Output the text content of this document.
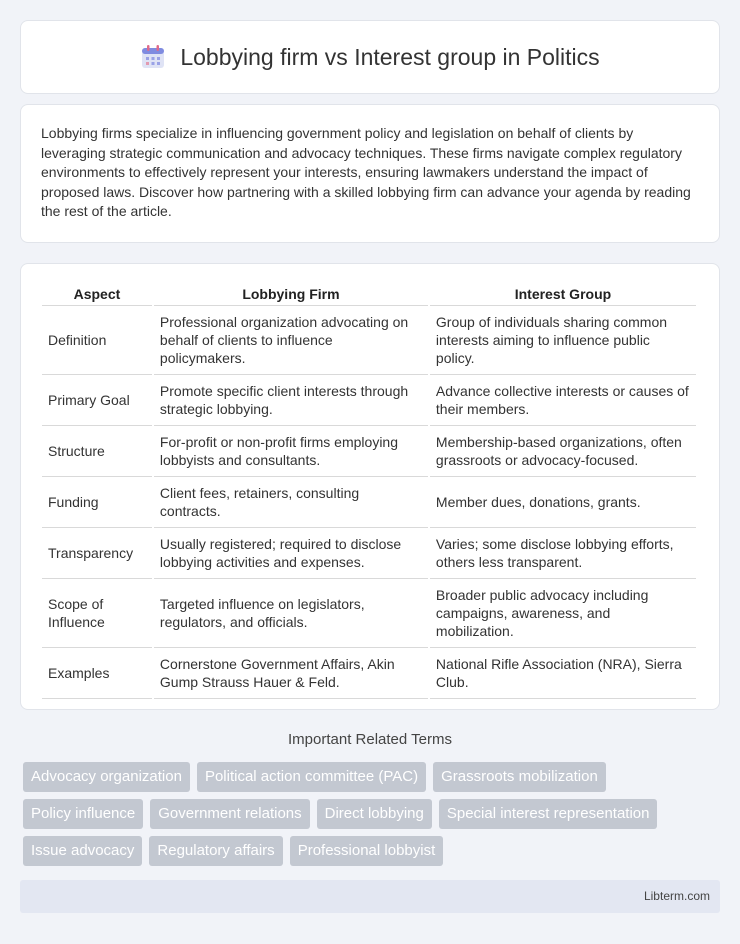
Lobbying firm vs Interest group in Politics

Lobbying firms specialize in influencing government policy and legislation on behalf of clients by leveraging strategic communication and advocacy techniques. These firms navigate complex regulatory environments to effectively represent your interests, ensuring lawmakers understand the impact of proposed laws. Discover how partnering with a skilled lobbying firm can advance your agenda by reading the rest of the article.

Aspect	Lobbying Firm	Interest Group
Definition	Professional organization advocating on behalf of clients to influence policymakers.	Group of individuals sharing common interests aiming to influence public policy.
Primary Goal	Promote specific client interests through strategic lobbying.	Advance collective interests or causes of their members.
Structure	For-profit or non-profit firms employing lobbyists and consultants.	Membership-based organizations, often grassroots or advocacy-focused.
Funding	Client fees, retainers, consulting contracts.	Member dues, donations, grants.
Transparency	Usually registered; required to disclose lobbying activities and expenses.	Varies; some disclose lobbying efforts, others less transparent.
Scope of Influence	Targeted influence on legislators, regulators, and officials.	Broader public advocacy including campaigns, awareness, and mobilization.
Examples	Cornerstone Government Affairs, Akin Gump Strauss Hauer & Feld.	National Rifle Association (NRA), Sierra Club.
Important Related Terms
Advocacy organization	Political action committee (PAC)	Grassroots mobilization
Policy influence	Government relations	Direct lobbying	Special interest representation
Issue advocacy	Regulatory affairs	Professional lobbyist
Libterm.com
